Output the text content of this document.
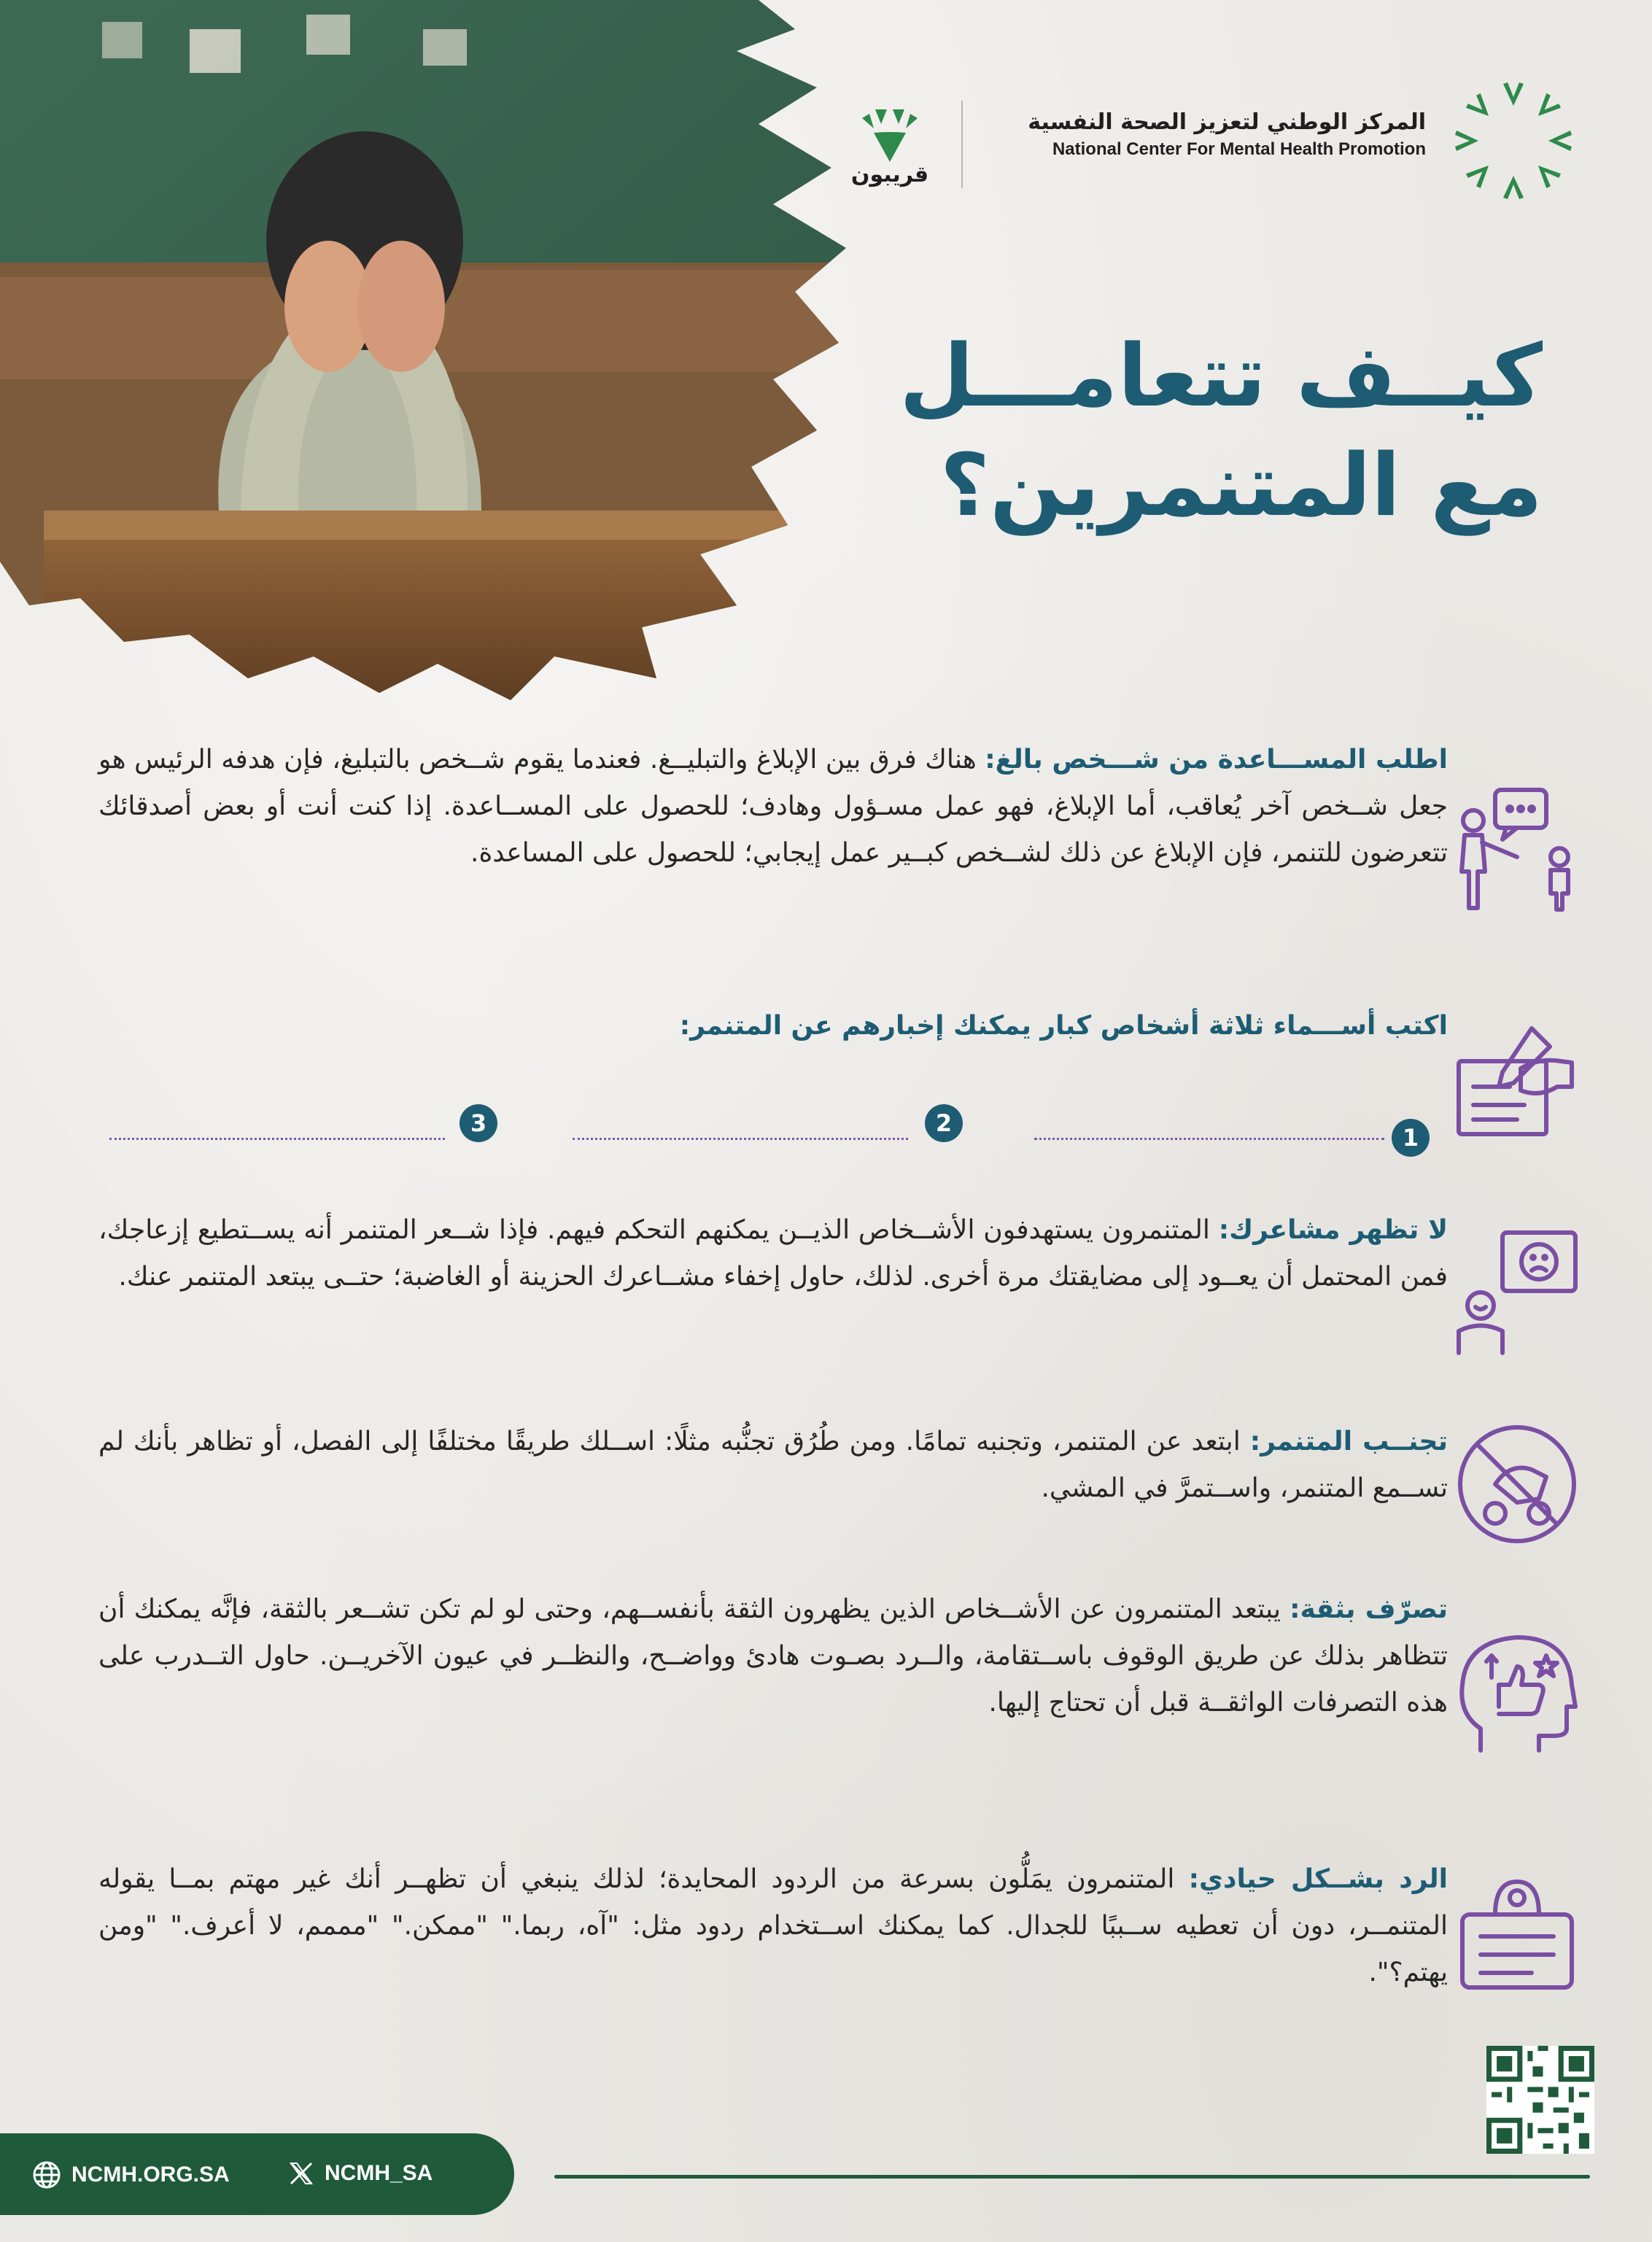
المركز الوطني لتعزيز الصحة النفسية
National Center For Mental Health Promotion
قريبون
كيــف تتعامـــل
مع المتنمرين؟
اطلب المســـاعدة من شـــخص بالغ: هناك فرق بين الإبلاغ والتبليــغ. فعندما يقوم شــخص بالتبليغ، فإن هدفه الرئيس هو جعل شــخص آخر يُعاقب، أما الإبلاغ، فهو عمل مسـؤول وهادف؛ للحصول على المســاعدة. إذا كنت أنت أو بعض أصدقائك تتعرضون للتنمر، فإن الإبلاغ عن ذلك لشــخص كبــير عمل إيجابي؛ للحصول على المساعدة.
اكتب أســـماء ثلاثة أشخاص كبار يمكنك إخبارهم عن المتنمر:
1
2
3
لا تظهر مشاعرك: المتنمرون يستهدفون الأشــخاص الذيــن يمكنهم التحكم فيهم. فإذا شــعر المتنمر أنه يســتطيع إزعاجك، فمن المحتمل أن يعــود إلى مضايقتك مرة أخرى. لذلك، حاول إخفاء مشــاعرك الحزينة أو الغاضبة؛ حتــى يبتعد المتنمر عنك.
تجنــب المتنمر: ابتعد عن المتنمر، وتجنبه تمامًا. ومن طُرُق تجنُّبه مثلًا: اســلك طريقًا مختلفًا إلى الفصل، أو تظاهر بأنك لم تســمع المتنمر، واســتمرَّ في المشي.
تصرّف بثقة: يبتعد المتنمرون عن الأشــخاص الذين يظهرون الثقة بأنفســهم، وحتى لو لم تكن تشــعر بالثقة، فإنَّه يمكنك أن تتظاهر بذلك عن طريق الوقوف باســتقامة، والــرد بصـوت هادئ وواضــح، والنظــر في عيون الآخريــن. حاول التــدرب على هذه التصرفات الواثقــة قبل أن تحتاج إليها.
الرد بشــكل حيادي: المتنمرون يمَلُّون بسرعة من الردود المحايدة؛ لذلك ينبغي أن تظهــر أنك غير مهتم بمــا يقوله المتنمــر، دون أن تعطيه ســببًا للجدال. كما يمكنك اســتخدام ردود مثل: "آه، ربما." "ممكن." "مممم، لا أعرف." "ومن يهتم؟".
NCMH.ORG.SA	NCMH_SA
